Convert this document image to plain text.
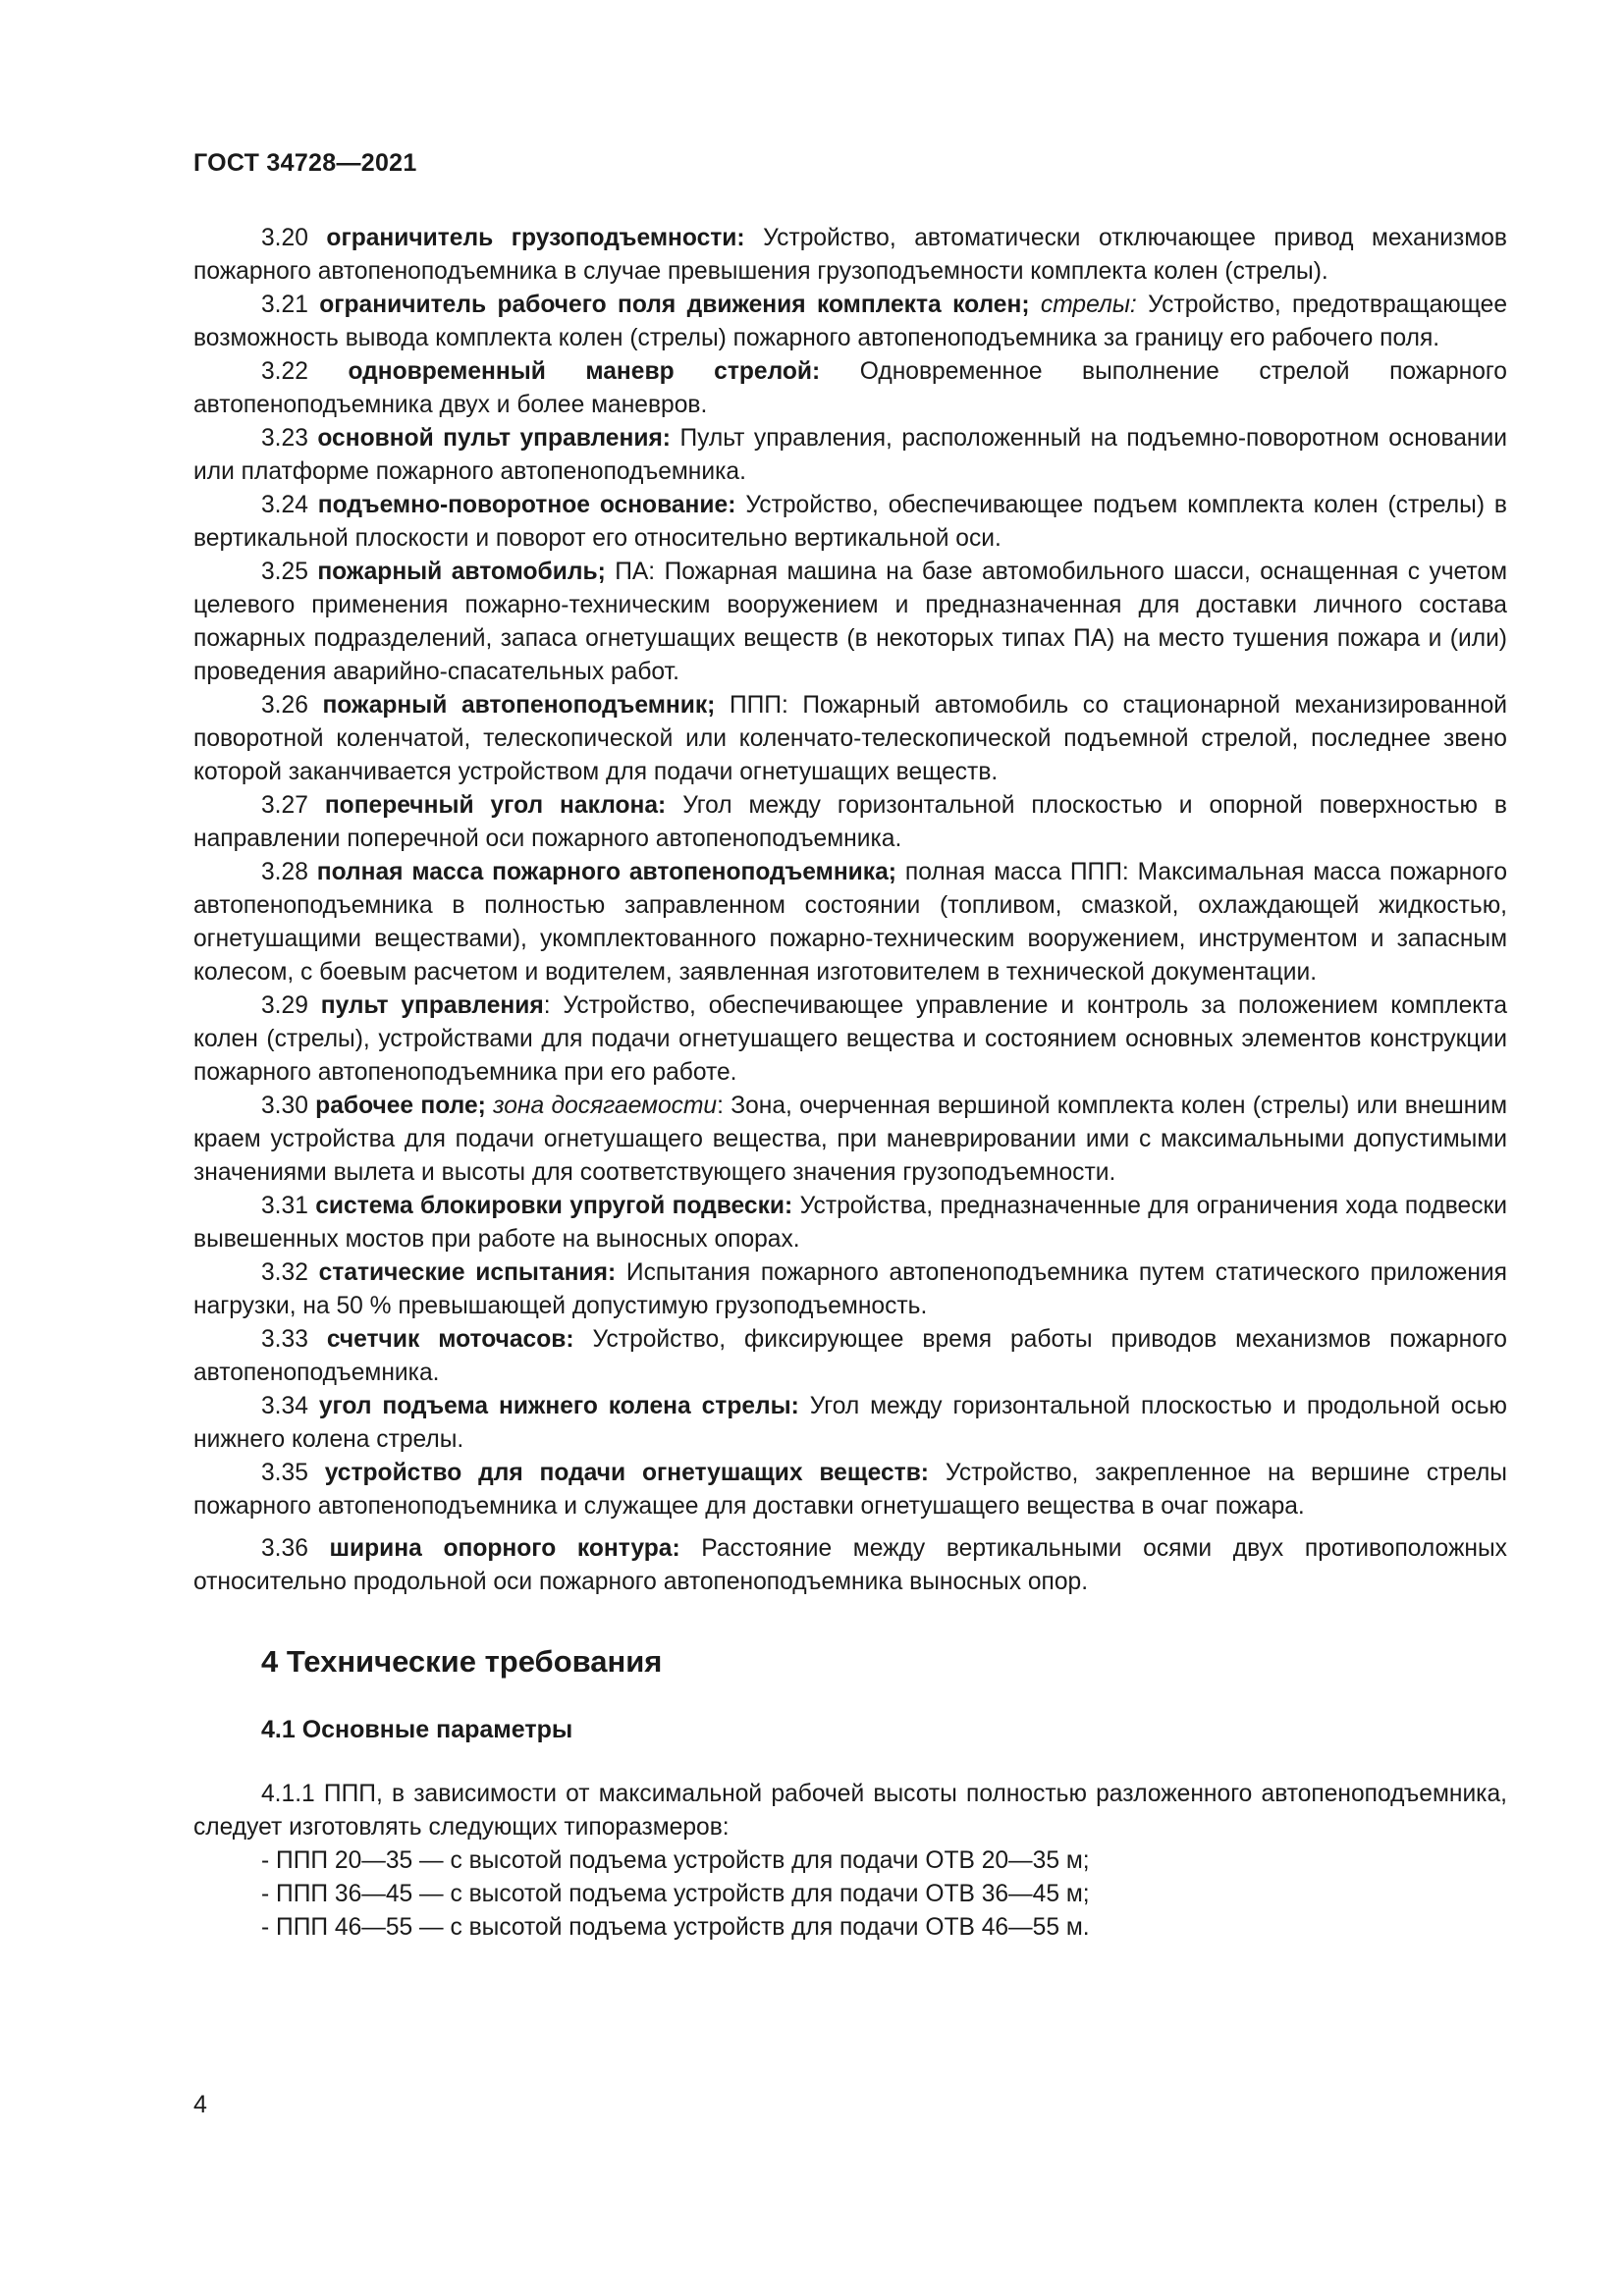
ГОСТ 34728—2021

3.20 ограничитель грузоподъемности: Устройство, автоматически отключающее привод механизмов пожарного автопеноподъемника в случае превышения грузоподъемности комплекта колен (стрелы).

3.21 ограничитель рабочего поля движения комплекта колен; стрелы: Устройство, предотвращающее возможность вывода комплекта колен (стрелы) пожарного автопеноподъемника за границу его рабочего поля.

3.22 одновременный маневр стрелой: Одновременное выполнение стрелой пожарного автопеноподъемника двух и более маневров.

3.23 основной пульт управления: Пульт управления, расположенный на подъемно-поворотном основании или платформе пожарного автопеноподъемника.

3.24 подъемно-поворотное основание: Устройство, обеспечивающее подъем комплекта колен (стрелы) в вертикальной плоскости и поворот его относительно вертикальной оси.

3.25 пожарный автомобиль; ПА: Пожарная машина на базе автомобильного шасси, оснащенная с учетом целевого применения пожарно-техническим вооружением и предназначенная для доставки личного состава пожарных подразделений, запаса огнетушащих веществ (в некоторых типах ПА) на место тушения пожара и (или) проведения аварийно-спасательных работ.

3.26 пожарный автопеноподъемник; ППП: Пожарный автомобиль со стационарной механизированной поворотной коленчатой, телескопической или коленчато-телескопической подъемной стрелой, последнее звено которой заканчивается устройством для подачи огнетушащих веществ.

3.27 поперечный угол наклона: Угол между горизонтальной плоскостью и опорной поверхностью в направлении поперечной оси пожарного автопеноподъемника.

3.28 полная масса пожарного автопеноподъемника; полная масса ППП: Максимальная масса пожарного автопеноподъемника в полностью заправленном состоянии (топливом, смазкой, охлаждающей жидкостью, огнетушащими веществами), укомплектованного пожарно-техническим вооружением, инструментом и запасным колесом, с боевым расчетом и водителем, заявленная изготовителем в технической документации.

3.29 пульт управления: Устройство, обеспечивающее управление и контроль за положением комплекта колен (стрелы), устройствами для подачи огнетушащего вещества и состоянием основных элементов конструкции пожарного автопеноподъемника при его работе.

3.30 рабочее поле; зона досягаемости: Зона, очерченная вершиной комплекта колен (стрелы) или внешним краем устройства для подачи огнетушащего вещества, при маневрировании ими с максимальными допустимыми значениями вылета и высоты для соответствующего значения грузоподъемности.

3.31 система блокировки упругой подвески: Устройства, предназначенные для ограничения хода подвески вывешенных мостов при работе на выносных опорах.

3.32 статические испытания: Испытания пожарного автопеноподъемника путем статического приложения нагрузки, на 50 % превышающей допустимую грузоподъемность.

3.33 счетчик моточасов: Устройство, фиксирующее время работы приводов механизмов пожарного автопеноподъемника.

3.34 угол подъема нижнего колена стрелы: Угол между горизонтальной плоскостью и продольной осью нижнего колена стрелы.

3.35 устройство для подачи огнетушащих веществ: Устройство, закрепленное на вершине стрелы пожарного автопеноподъемника и служащее для доставки огнетушащего вещества в очаг пожара.

3.36 ширина опорного контура: Расстояние между вертикальными осями двух противоположных относительно продольной оси пожарного автопеноподъемника выносных опор.

4 Технические требования
4.1 Основные параметры

4.1.1 ППП, в зависимости от максимальной рабочей высоты полностью разложенного автопеноподъемника, следует изготовлять следующих типоразмеров:

- ППП 20—35 — с высотой подъема устройств для подачи ОТВ 20—35 м;
- ППП 36—45 — с высотой подъема устройств для подачи ОТВ 36—45 м;
- ППП 46—55 — с высотой подъема устройств для подачи ОТВ 46—55 м.
4
